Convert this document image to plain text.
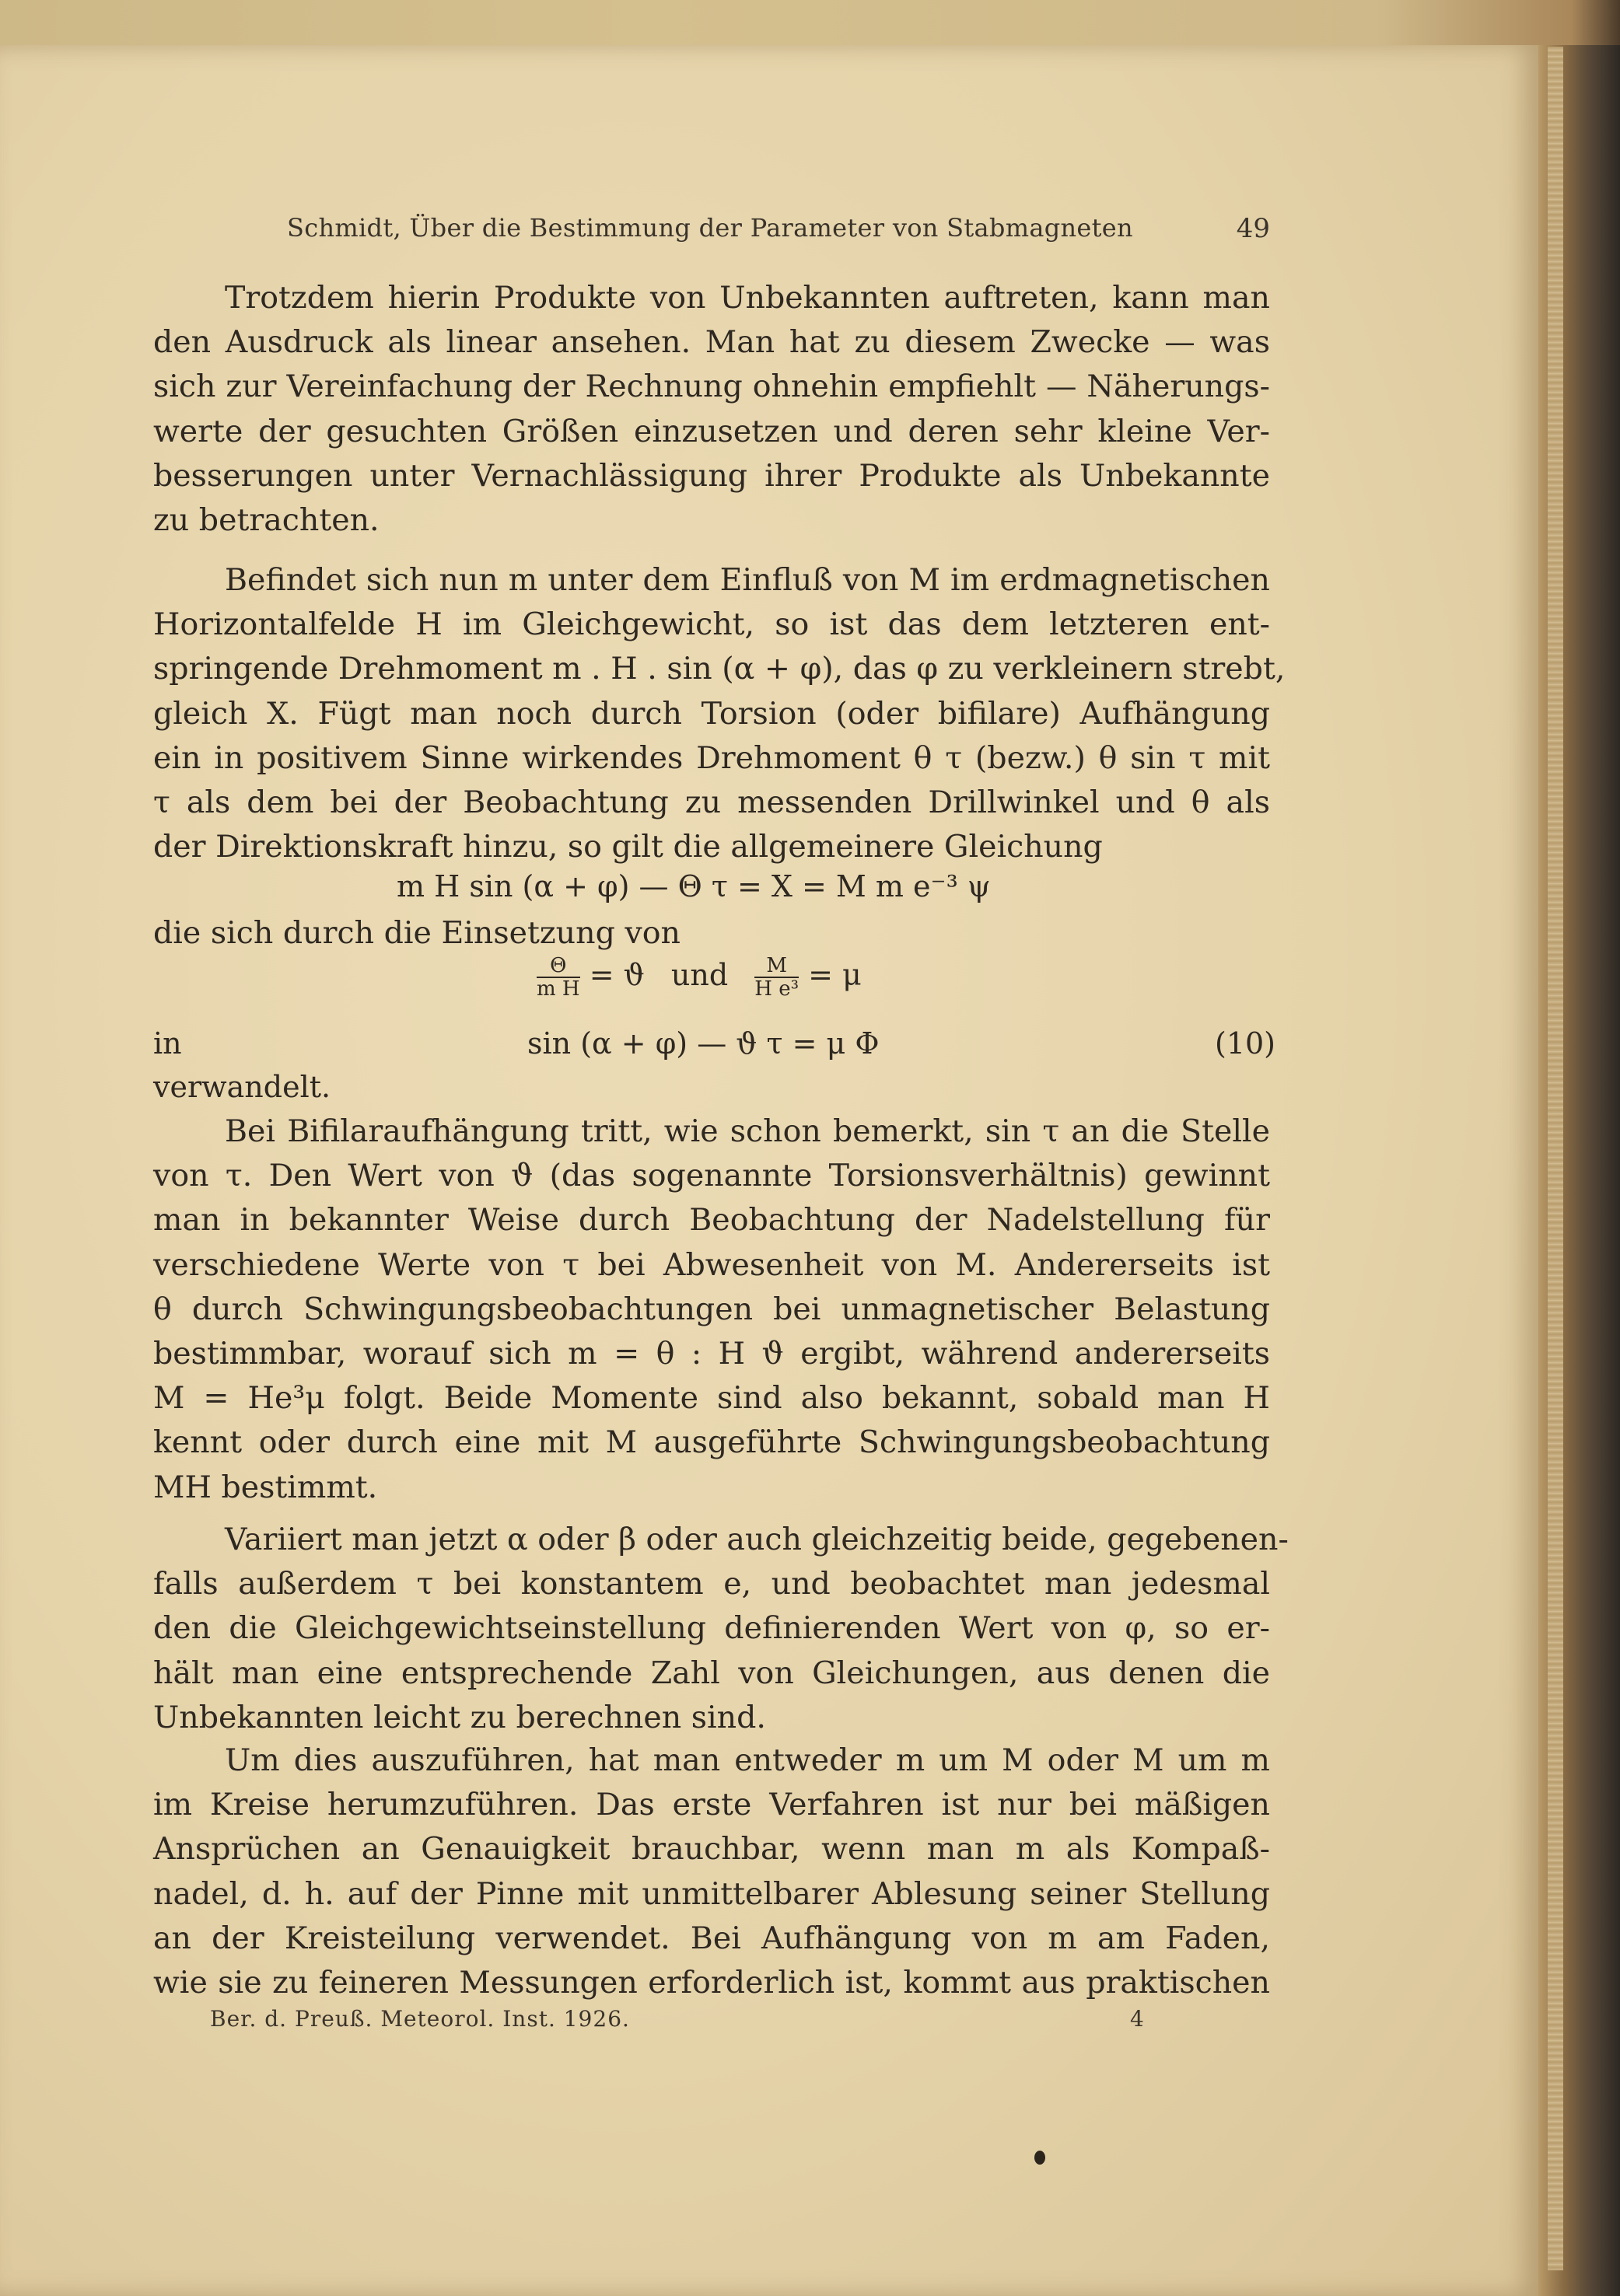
Schmidt, Über die Bestimmung der Parameter von Stabmagneten	49
Trotzdem hierin Produkte von Unbekannten auftreten, kann man
den Ausdruck als linear ansehen. Man hat zu diesem Zwecke — was
sich zur Vereinfachung der Rechnung ohnehin empfiehlt — Näherungs-
werte der gesuchten Größen einzusetzen und deren sehr kleine Ver-
besserungen unter Vernachlässigung ihrer Produkte als Unbekannte
zu betrachten.
Befindet sich nun m unter dem Einfluß von M im erdmagnetischen
Horizontalfelde H im Gleichgewicht, so ist das dem letzteren ent-
springende Drehmoment m . H . sin (α + φ), das φ zu verkleinern strebt,
gleich X. Fügt man noch durch Torsion (oder bifilare) Aufhängung
ein in positivem Sinne wirkendes Drehmoment θ τ (bezw.) θ sin τ mit
τ als dem bei der Beobachtung zu messenden Drillwinkel und θ als
der Direktionskraft hinzu, so gilt die allgemeinere Gleichung
m H sin (α + φ) — Θ τ = X = M m e⁻³ ψ
die sich durch die Einsetzung von
$\frac{\Theta}{\text{m H}} = ϑ$ und $\frac{M}{\text{H e³}} = \mu$
in	sin (α + φ) — ϑ τ = μ Φ	(10)
verwandelt.
Bei Bifilaraufhängung tritt, wie schon bemerkt, sin τ an die Stelle
von τ. Den Wert von ϑ (das sogenannte Torsionsverhältnis) gewinnt
man in bekannter Weise durch Beobachtung der Nadelstellung für
verschiedene Werte von τ bei Abwesenheit von M. Andererseits ist
θ durch Schwingungsbeobachtungen bei unmagnetischer Belastung
bestimmbar, worauf sich m = θ : H ϑ ergibt, während andererseits
M = He³μ folgt. Beide Momente sind also bekannt, sobald man H
kennt oder durch eine mit M ausgeführte Schwingungsbeobachtung
MH bestimmt.
Variiert man jetzt α oder β oder auch gleichzeitig beide, gegebenen-
falls außerdem τ bei konstantem e, und beobachtet man jedesmal
den die Gleichgewichtseinstellung definierenden Wert von φ, so er-
hält man eine entsprechende Zahl von Gleichungen, aus denen die
Unbekannten leicht zu berechnen sind.
Um dies auszuführen, hat man entweder m um M oder M um m
im Kreise herumzuführen. Das erste Verfahren ist nur bei mäßigen
Ansprüchen an Genauigkeit brauchbar, wenn man m als Kompaß-
nadel, d. h. auf der Pinne mit unmittelbarer Ablesung seiner Stellung
an der Kreisteilung verwendet. Bei Aufhängung von m am Faden,
wie sie zu feineren Messungen erforderlich ist, kommt aus praktischen
Ber. d. Preuß. Meteorol. Inst. 1926.	4
